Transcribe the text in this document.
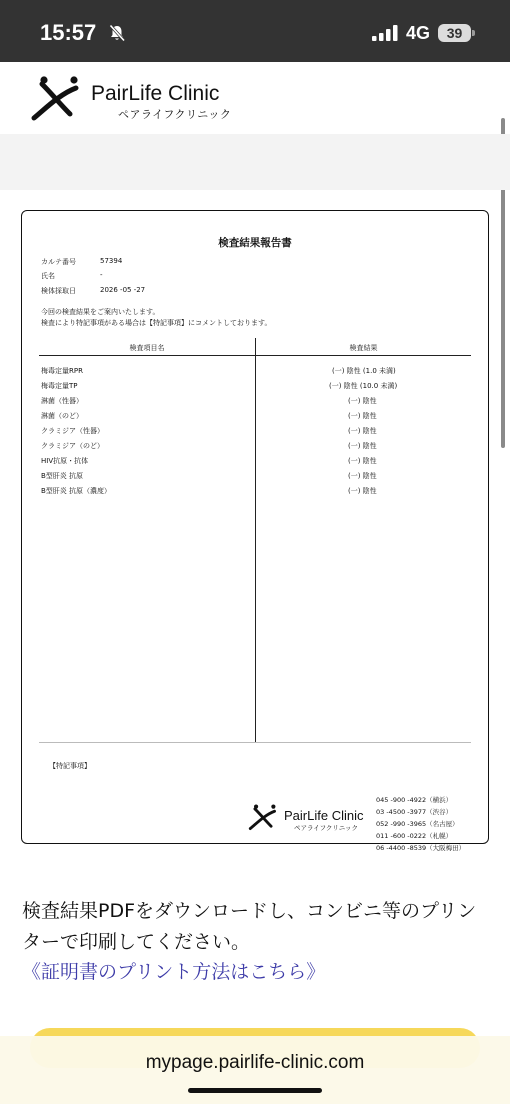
15:57	4G	39
PairLife Clinic
ペアライフクリニック
検査結果報告書
カルテ番号	57394
氏名	-
検体採取日	2026 -05 -27
今回の検査結果をご案内いたします。
検査により特記事項がある場合は【特記事項】にコメントしております。
検査項目名	検査結果
梅毒定量RPR	(一) 陰性 (1.0 未満)
梅毒定量TP	(一) 陰性 (10.0 未満)
淋菌（性器）	(一) 陰性
淋菌（のど）	(一) 陰性
クラミジア（性器）	(一) 陰性
クラミジア（のど）	(一) 陰性
HIV抗原・抗体	(一) 陰性
B型肝炎 抗原	(一) 陰性
B型肝炎 抗原（濃度）	(一) 陰性
【特記事項】
PairLife Clinic
ペアライフクリニック
045 -900 -4922（横浜）
03 -4500 -3977（渋谷）
052 -990 -3965（名古屋）
011 -600 -0222（札幌）
06 -4400 -8539（大阪梅田）
検査結果PDFをダウンロードし、コンビニ等のプリンターで印刷してください。
《証明書のプリント方法はこちら》
mypage.pairlife-clinic.com
